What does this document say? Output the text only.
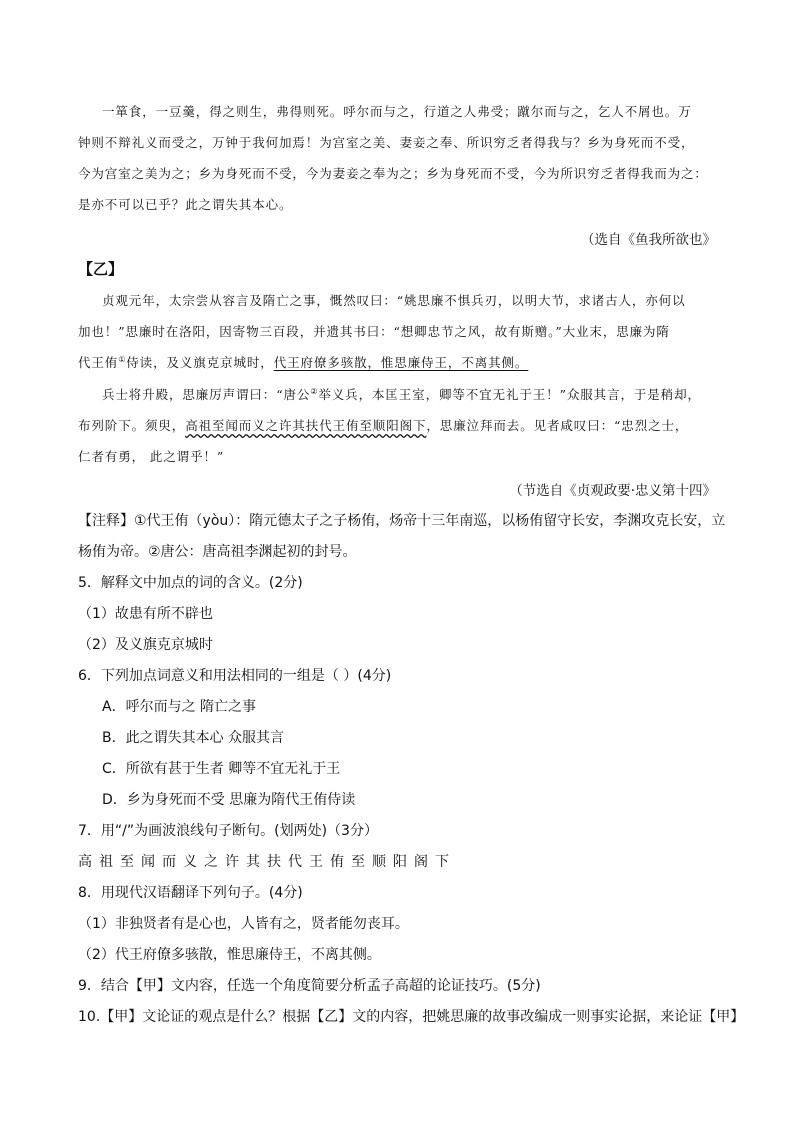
一箪食，一豆羹，得之则生，弗得则死。呼尔而与之，行道之人弗受；蹴尔而与之，乞人不屑也。万
钟则不辩礼义而受之，万钟于我何加焉！为宫室之美、妻妾之奉、所识穷乏者得我与？乡为身死而不受，
今为宫室之美为之；乡为身死而不受，今为妻妾之奉为之；乡为身死而不受，今为所识穷乏者得我而为之：
是亦不可以已乎？此之谓失其本心。
（选自《鱼我所欲也》
【乙】
贞观元年，太宗尝从容言及隋亡之事，慨然叹曰：“姚思廉不惧兵刃，以明大节，求诸古人，亦何以
加也！”思廉时在洛阳，因寄物三百段，并遗其书曰：“想卿忠节之风，故有斯赠。”大业末，思廉为隋
代王侑①侍读，及义旗克京城时，代王府僚多骇散，惟思廉侍王，不离其侧。
兵士将升殿，思廉厉声谓曰：“唐公②举义兵，本匡王室，卿等不宜无礼于王！”众服其言，于是稍却，
布列阶下。须臾，高祖至闻而义之许其扶代王侑至顺阳阁下，思廉泣拜而去。见者咸叹曰：“忠烈之士，
仁者有勇， 此之谓乎！”
（节选自《贞观政要·忠义第十四》
【注释】①代王侑（yòu）：隋元德太子之子杨侑，炀帝十三年南巡，以杨侑留守长安，李渊攻克长安，立
杨侑为帝。②唐公：唐高祖李渊起初的封号。
5．解释文中加点的词的含义。(2分)
（1）故患有所不辟也
（2）及义旗克京城时
6．下列加点词意义和用法相同的一组是（ ）(4分)
A．呼尔而与之 隋亡之事
B．此之谓失其本心 众服其言
C．所欲有甚于生者 卿等不宜无礼于王
D．乡为身死而不受 思廉为隋代王侑侍读
7．用“/”为画波浪线句子断句。(划两处)（3分）
高祖至闻而义之许其扶代王侑至顺阳阁下
8．用现代汉语翻译下列句子。(4分)
（1）非独贤者有是心也，人皆有之，贤者能勿丧耳。
（2）代王府僚多骇散，惟思廉侍王，不离其侧。
9．结合【甲】文内容，任选一个角度简要分析孟子高超的论证技巧。(5分)
10.【甲】文论证的观点是什么？根据【乙】文的内容，把姚思廉的故事改编成一则事实论据，来论证【甲】
